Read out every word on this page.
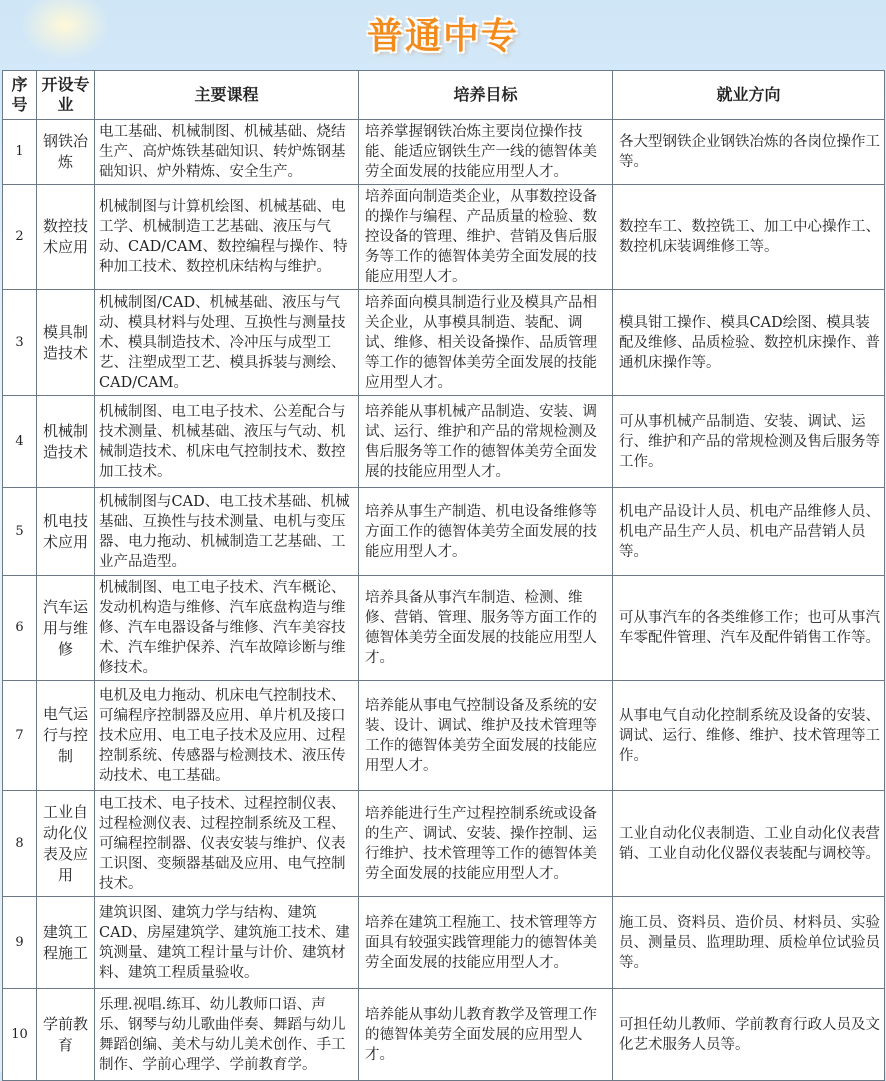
普通中专
序号	开设专业	主要课程	培养目标	就业方向
1	钢铁冶炼	电工基础、机械制图、机械基础、烧结生产、高炉炼铁基础知识、转炉炼钢基础知识、炉外精炼、安全生产。	培养掌握钢铁冶炼主要岗位操作技能、能适应钢铁生产一线的德智体美劳全面发展的技能应用型人才。	各大型钢铁企业钢铁冶炼的各岗位操作工等。
2	数控技术应用	机械制图与计算机绘图、机械基础、电工学、机械制造工艺基础、液压与气动、CAD/CAM、数控编程与操作、特种加工技术、数控机床结构与维护。	培养面向制造类企业，从事数控设备的操作与编程、产品质量的检验、数控设备的管理、维护、营销及售后服务等工作的德智体美劳全面发展的技能应用型人才。	数控车工、数控铣工、加工中心操作工、数控机床装调维修工等。
3	模具制造技术	机械制图/CAD、机械基础、液压与气动、模具材料与处理、互换性与测量技术、模具制造技术、冷冲压与成型工艺、注塑成型工艺、模具拆装与测绘、CAD/CAM。	培养面向模具制造行业及模具产品相关企业，从事模具制造、装配、调试、维修、相关设备操作、品质管理等工作的德智体美劳全面发展的技能应用型人才。	模具钳工操作、模具CAD绘图、模具装配及维修、品质检验、数控机床操作、普通机床操作等。
4	机械制造技术	机械制图、电工电子技术、公差配合与技术测量、机械基础、液压与气动、机械制造技术、机床电气控制技术、数控加工技术。	培养能从事机械产品制造、安装、调试、运行、维护和产品的常规检测及售后服务等工作的德智体美劳全面发展的技能应用型人才。	可从事机械产品制造、安装、调试、运行、维护和产品的常规检测及售后服务等工作。
5	机电技术应用	机械制图与CAD、电工技术基础、机械基础、互换性与技术测量、电机与变压器、电力拖动、机械制造工艺基础、工业产品造型。	培养从事生产制造、机电设备维修等方面工作的德智体美劳全面发展的技能应用型人才。	机电产品设计人员、机电产品维修人员、机电产品生产人员、机电产品营销人员等。
6	汽车运用与维修	机械制图、电工电子技术、汽车概论、发动机构造与维修、汽车底盘构造与维修、汽车电器设备与维修、汽车美容技术、汽车维护保养、汽车故障诊断与维修技术。	培养具备从事汽车制造、检测、维修、营销、管理、服务等方面工作的德智体美劳全面发展的技能应用型人才。	可从事汽车的各类维修工作；也可从事汽车零配件管理、汽车及配件销售工作等。
7	电气运行与控制	电机及电力拖动、机床电气控制技术、可编程序控制器及应用、单片机及接口技术应用、电工电子技术及应用、过程控制系统、传感器与检测技术、液压传动技术、电工基础。	培养能从事电气控制设备及系统的安装、设计、调试、维护及技术管理等工作的德智体美劳全面发展的技能应用型人才。	从事电气自动化控制系统及设备的安装、调试、运行、维修、维护、技术管理等工作。
8	工业自动化仪表及应用	电工技术、电子技术、过程控制仪表、过程检测仪表、过程控制系统及工程、可编程控制器、仪表安装与维护、仪表工识图、变频器基础及应用、电气控制技术。	培养能进行生产过程控制系统或设备的生产、调试、安装、操作控制、运行维护、技术管理等工作的德智体美劳全面发展的技能应用型人才。	工业自动化仪表制造、工业自动化仪表营销、工业自动化仪器仪表装配与调校等。
9	建筑工程施工	建筑识图、建筑力学与结构、建筑CAD、房屋建筑学、建筑施工技术、建筑测量、建筑工程计量与计价、建筑材料、建筑工程质量验收。	培养在建筑工程施工、技术管理等方面具有较强实践管理能力的德智体美劳全面发展的技能应用型人才。	施工员、资料员、造价员、材料员、实验员、测量员、监理助理、质检单位试验员等。
10	学前教育	乐理.视唱.练耳、幼儿教师口语、声乐、钢琴与幼儿歌曲伴奏、舞蹈与幼儿舞蹈创编、美术与幼儿美术创作、手工制作、学前心理学、学前教育学。	培养能从事幼儿教育教学及管理工作的德智体美劳全面发展的应用型人才。	可担任幼儿教师、学前教育行政人员及文化艺术服务人员等。
